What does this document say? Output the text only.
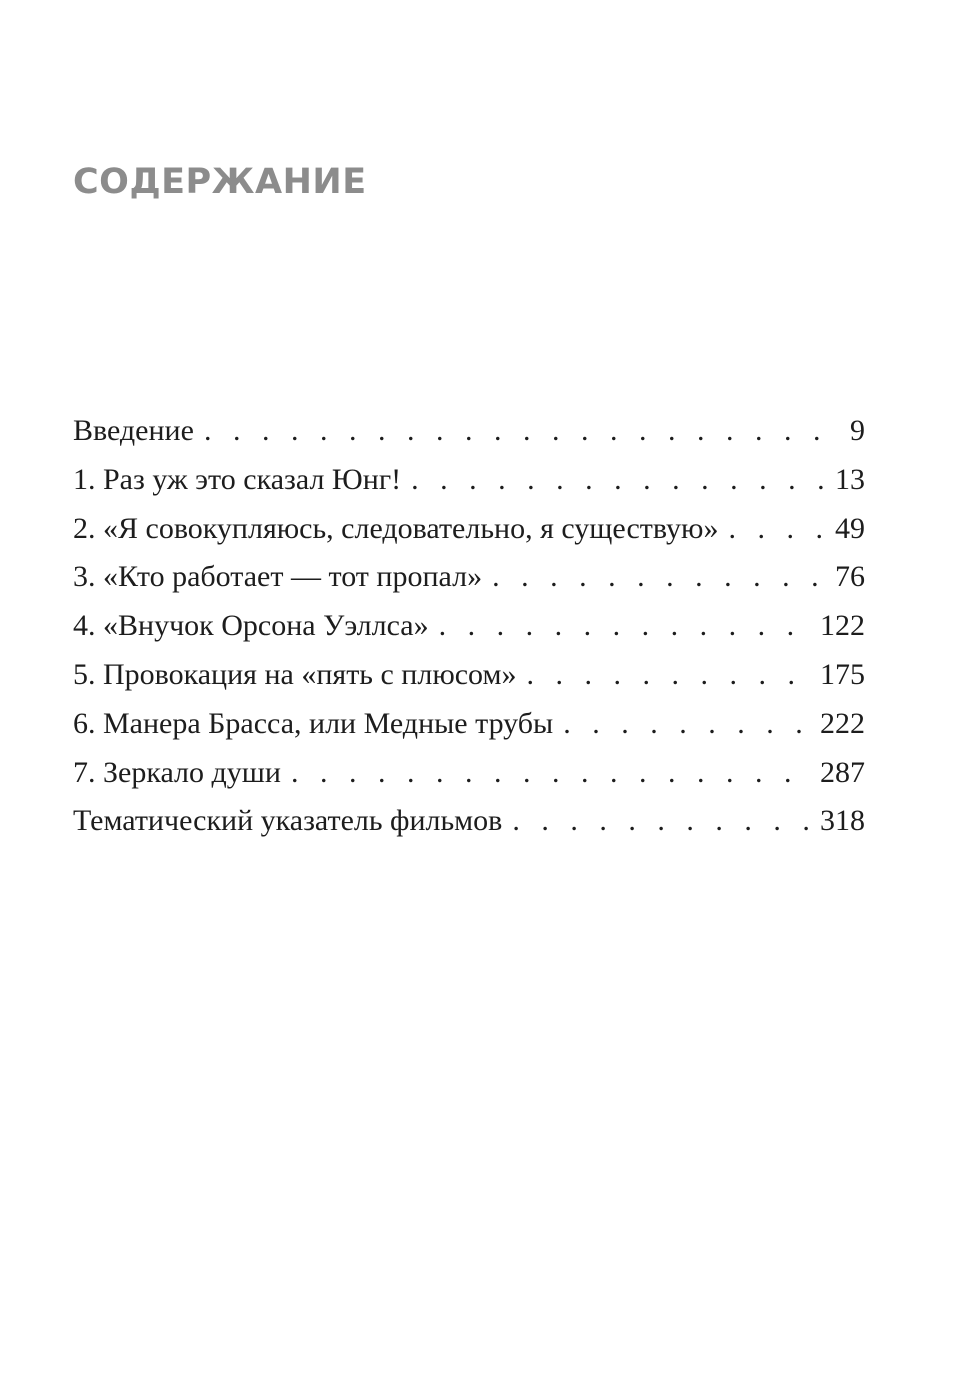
СОДЕРЖАНИЕ
Введение . . .	9
1. Раз уж это сказал Юнг! . . .	13
2. «Я совокупляюсь, следовательно, я существую» . . .	49
3. «Кто работает — тот пропал» . . .	76
4. «Внучок Орсона Уэллса» . . .	122
5. Провокация на «пять с плюсом» . . .	175
6. Манера Брасса, или Медные трубы . . .	222
7. Зеркало души . . .	287
Тематический указатель фильмов . . .	318
